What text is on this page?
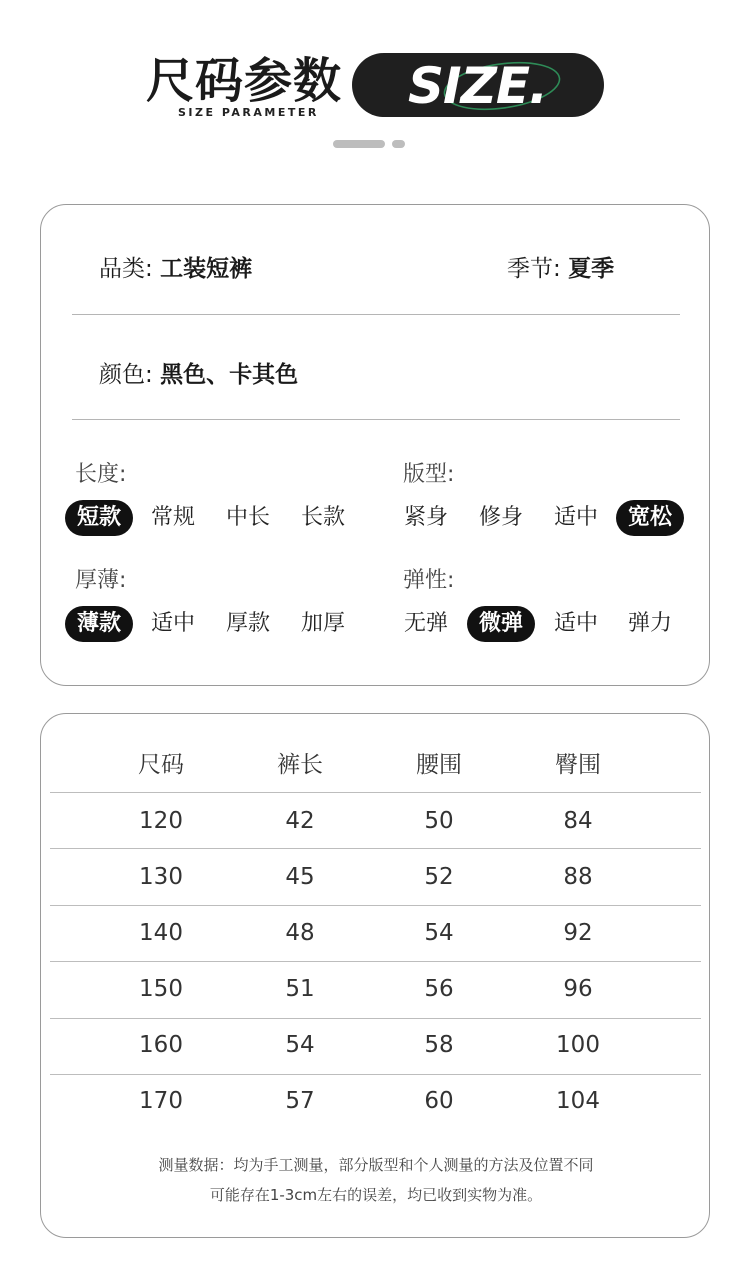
尺码参数
SIZE PARAMETER SIZE.
品类: 工装短裤	季节: 夏季
颜色: 黑色、卡其色
长度:
短款	常规	中长	长款
版型:
紧身	修身	适中	宽松
厚薄:
薄款	适中	厚款	加厚
弹性:
无弹	微弹	适中	弹力
尺码	裤长	腰围	臀围
120	42	50	84
130	45	52	88
140	48	54	92
150	51	56	96
160	54	58	100
170	57	60	104
测量数据：均为手工测量，部分版型和个人测量的方法及位置不同
可能存在1-3cm左右的误差，均已收到实物为准。
